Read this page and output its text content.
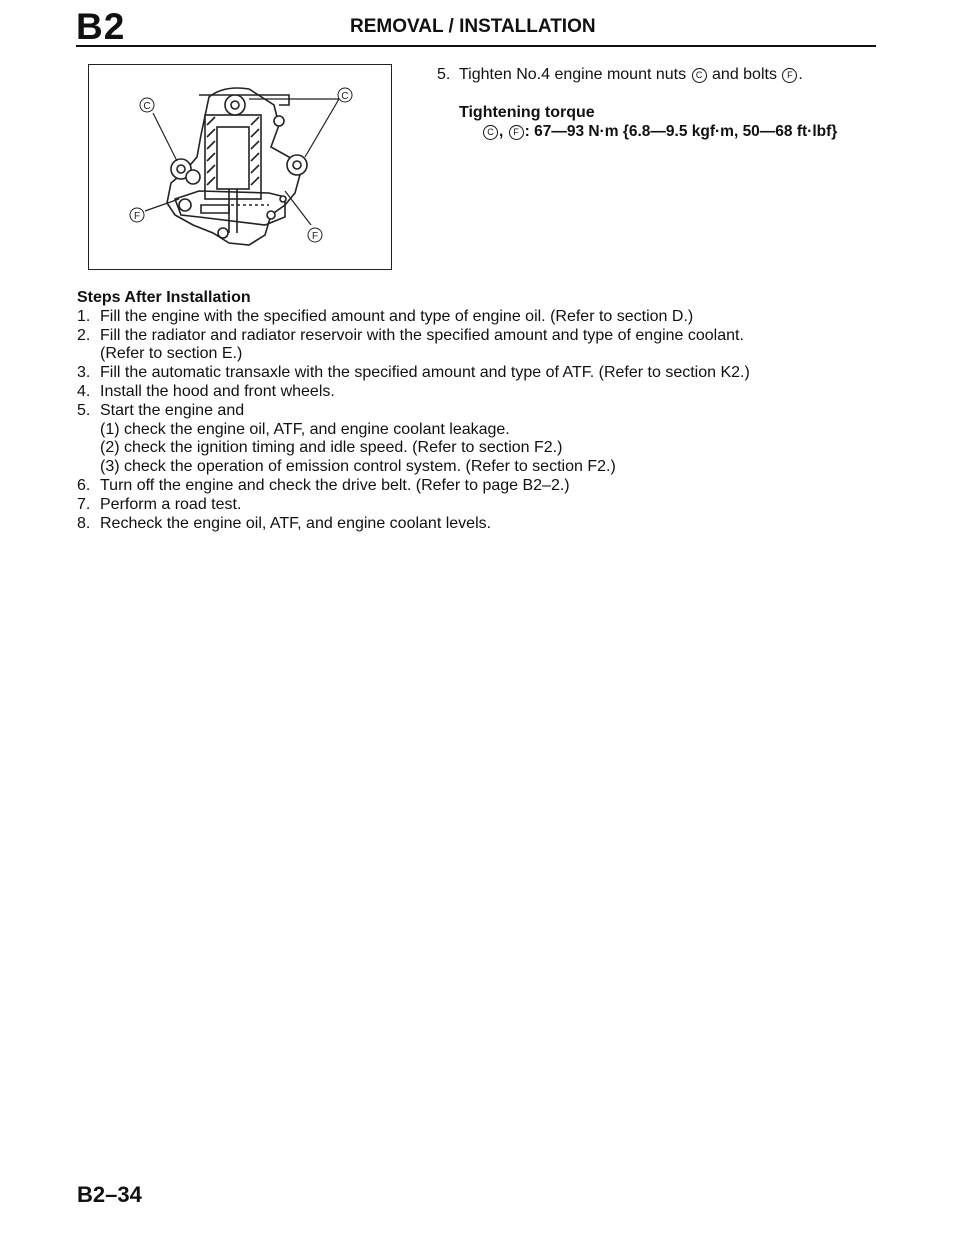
B2	REMOVAL / INSTALLATION
C
C
F
F
5. Tighten No.4 engine mount nuts C and bolts F .
Tightening torque
C , F : 67—93 N·m {6.8—9.5 kgf·m, 50—68 ft·lbf}
Steps After Installation
1. Fill the engine with the specified amount and type of engine oil. (Refer to section D.)
2. Fill the radiator and radiator reservoir with the specified amount and type of engine coolant.
(Refer to section E.)
3. Fill the automatic transaxle with the specified amount and type of ATF. (Refer to section K2.)
4. Install the hood and front wheels.
5. Start the engine and
(1) check the engine oil, ATF, and engine coolant leakage.
(2) check the ignition timing and idle speed. (Refer to section F2.)
(3) check the operation of emission control system. (Refer to section F2.)
6. Turn off the engine and check the drive belt. (Refer to page B2–2.)
7. Perform a road test.
8. Recheck the engine oil, ATF, and engine coolant levels.
B2–34
